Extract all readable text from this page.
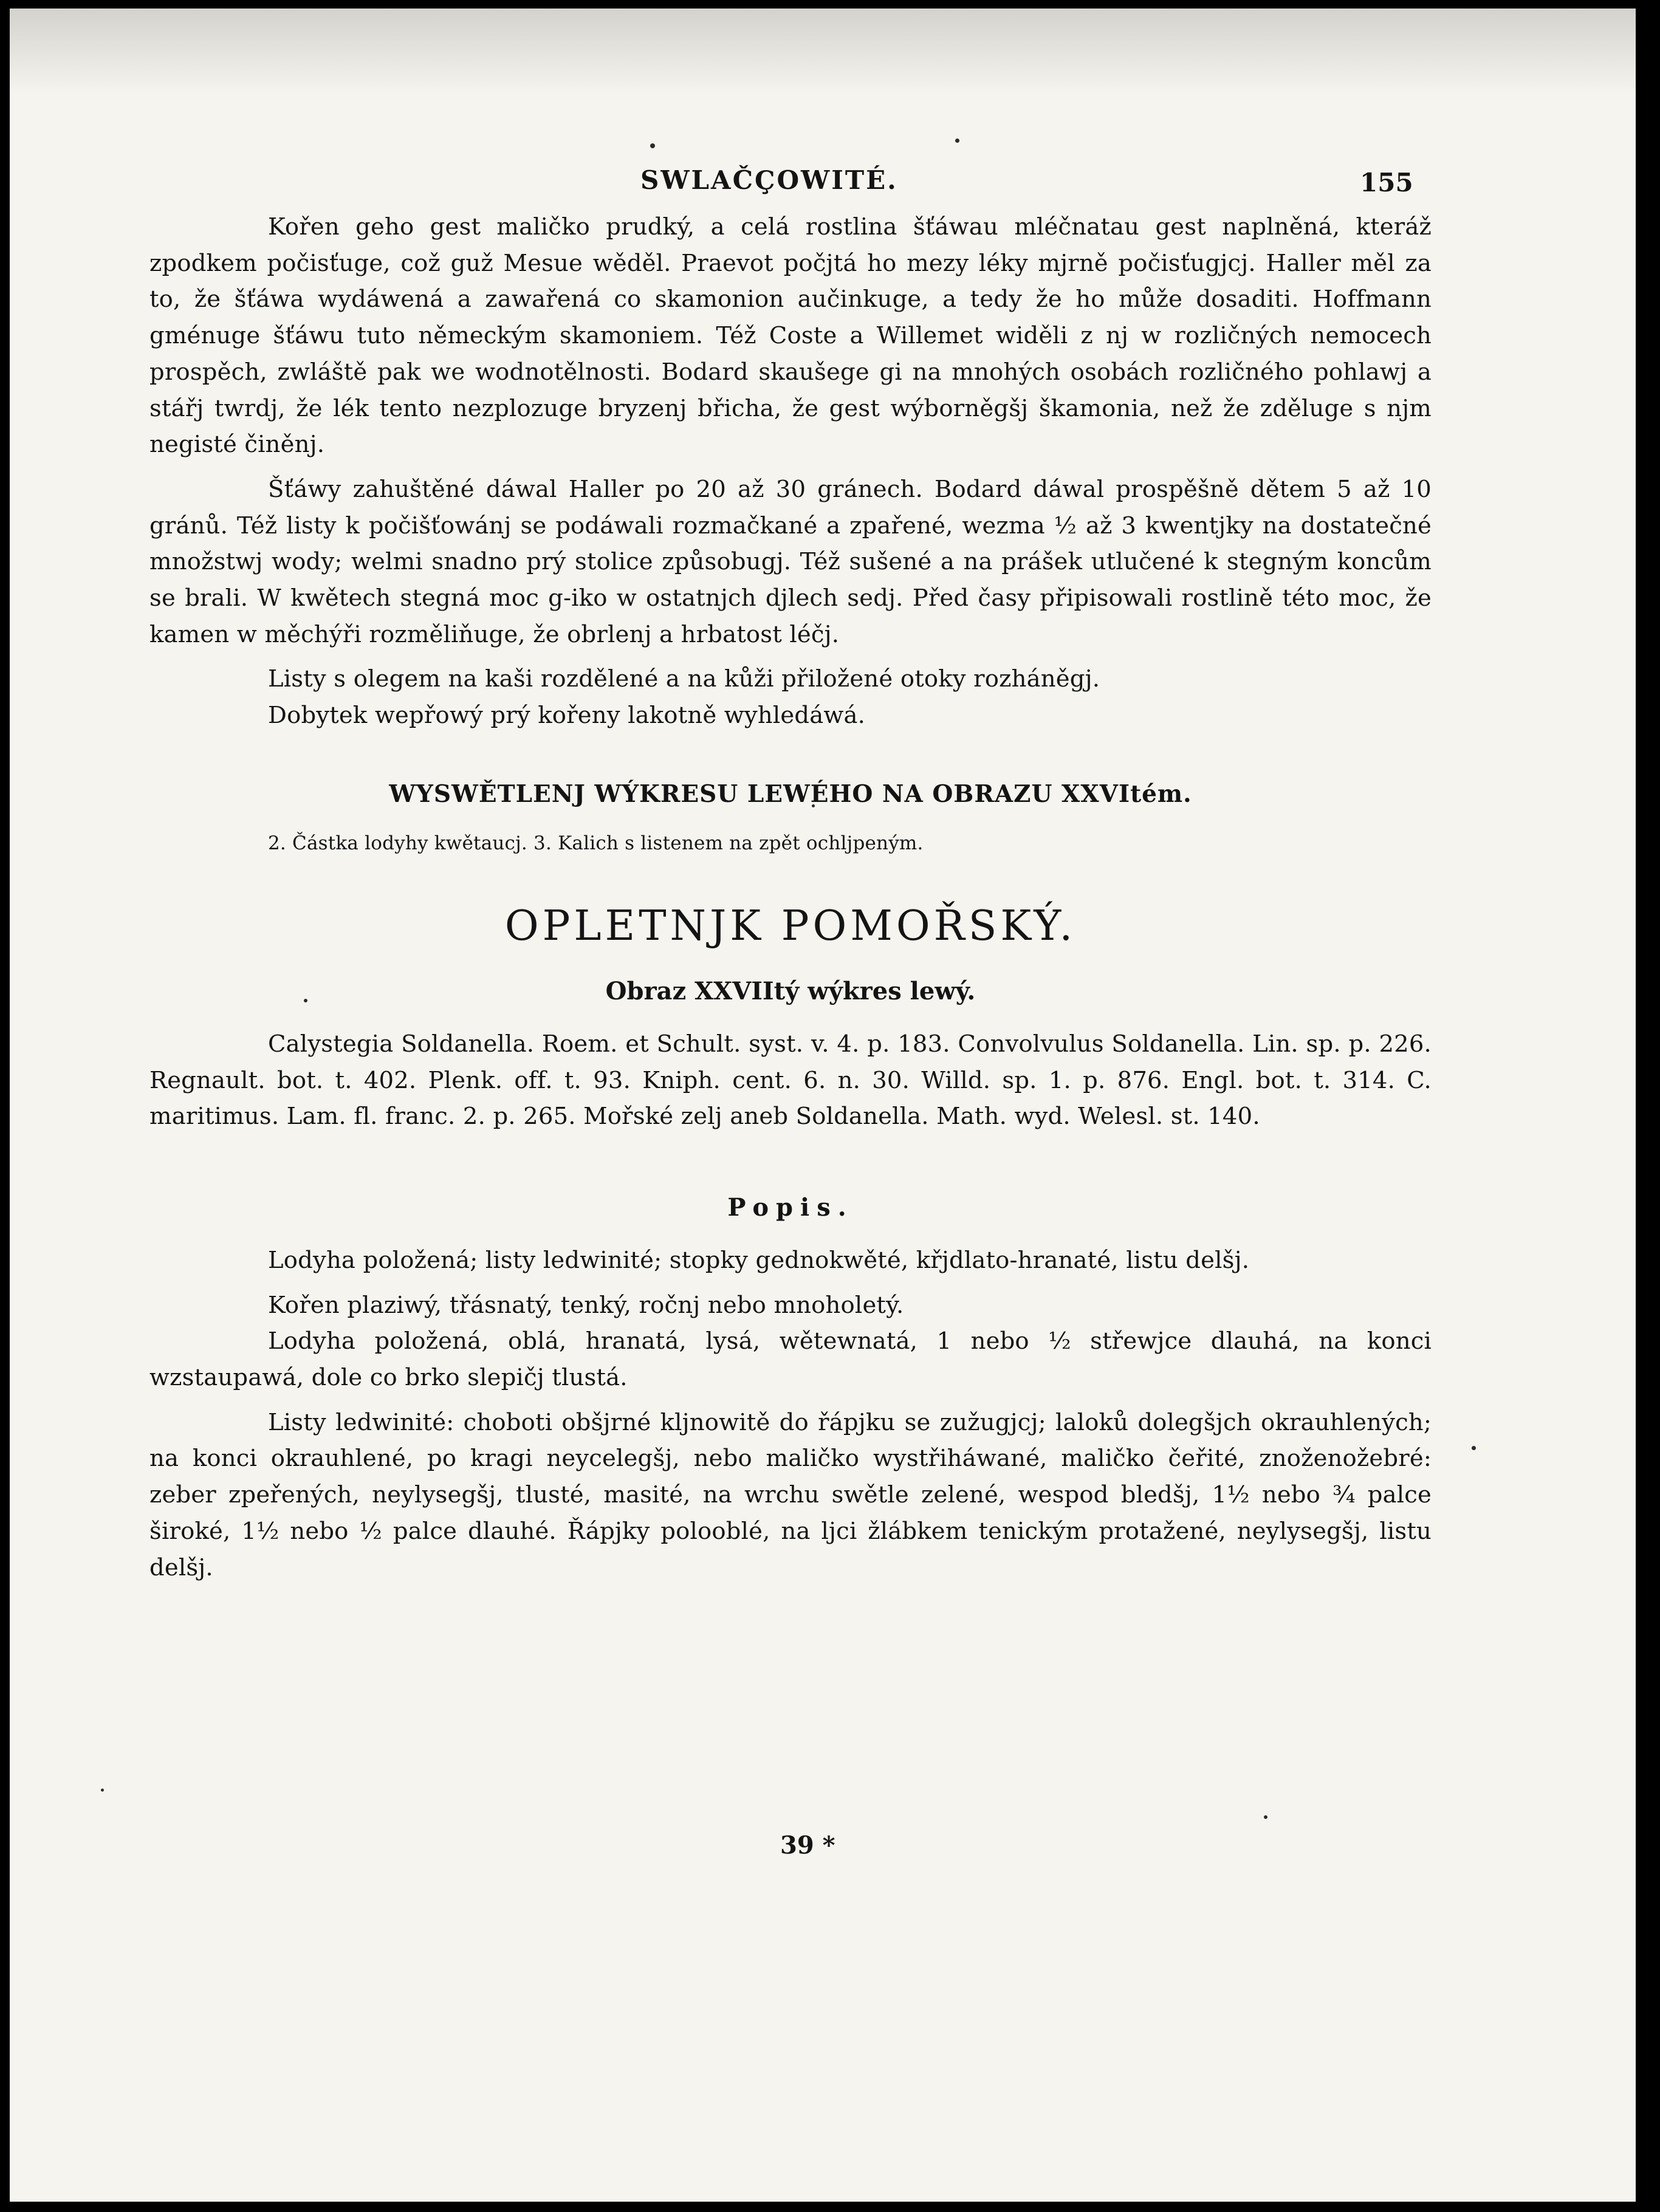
SWLAČÇOWITÉ.	155

Kořen geho gest maličko prudký, a celá rostlina šťáwau mléčnatau gest naplněná, kteráž zpodkem počisťuge, což guž Mesue wěděl. Praevot počjtá ho mezy léky mjrně počisťugjcj. Haller měl za to, že šťáwa wydáwená a zawařená co skamonion aučinkuge, a tedy že ho může dosaditi. Hoffmann gménuge šťáwu tuto německým skamoniem. Též Coste a Willemet widěli z nj w rozličných nemocech prospěch, zwláště pak we wodnotělnosti. Bodard skaušege gi na mnohých osobách rozličného pohlawj a stářj twrdj, že lék tento nezplozuge bryzenj břicha, že gest wýborněgšj škamonia, než že zděluge s njm negisté činěnj.

Šťáwy zahuštěné dáwal Haller po 20 až 30 gránech. Bodard dáwal prospěšně dětem 5 až 10 gránů. Též listy k počišťowánj se podáwali rozmačkané a zpařené, wezma ½ až 3 kwentjky na dostatečné množstwj wody; welmi snadno prý stolice způsobugj. Též sušené a na prášek utlučené k stegným koncům se brali. W kwětech stegná moc g-iko w ostatnjch djlech sedj. Před časy připisowali rostlině této moc, že kamen w měchýři rozměliňuge, že obrlenj a hrbatost léčj.

Listy s olegem na kaši rozdělené a na kůži přiložené otoky rozháněgj.

Dobytek wepřowý prý kořeny lakotně wyhledáwá.

WYSWĚTLENJ WÝKRESU LEWÉHO NA OBRAZU XXVItém.

2. Částka lodyhy kwětaucj. 3. Kalich s listenem na zpět ochljpeným.

OPLETNJK POMOŘSKÝ.

Obraz XXVIItý wýkres lewý.

Calystegia Soldanella. Roem. et Schult. syst. v. 4. p. 183. Convolvulus Soldanella. Lin. sp. p. 226. Regnault. bot. t. 402. Plenk. off. t. 93. Kniph. cent. 6. n. 30. Willd. sp. 1. p. 876. Engl. bot. t. 314. C. maritimus. Lam. fl. franc. 2. p. 265. Mořské zelj aneb Soldanella. Math. wyd. Welesl. st. 140.

Popis.

Lodyha položená; listy ledwinité; stopky gednokwěté, křjdlato-hranaté, listu delšj.

Kořen plaziwý, třásnatý, tenký, ročnj nebo mnoholetý.

Lodyha položená, oblá, hranatá, lysá, wětewnatá, 1 nebo ½ střewjce dlauhá, na konci wzstaupawá, dole co brko slepičj tlustá.

Listy ledwinité: choboti obšjrné kljnowitě do řápjku se zužugjcj; laloků dolegšjch okrauhlených; na konci okrauhlené, po kragi neycelegšj, nebo maličko wystřiháwané, maličko čeřité, znoženožebré: zeber zpeřených, neylysegšj, tlusté, masité, na wrchu swětle zelené, wespod bledšj, 1½ nebo ¾ palce široké, 1½ nebo ½ palce dlauhé. Řápjky polooblé, na ljci žlábkem tenickým protažené, neylysegšj, listu delšj.

39 *
